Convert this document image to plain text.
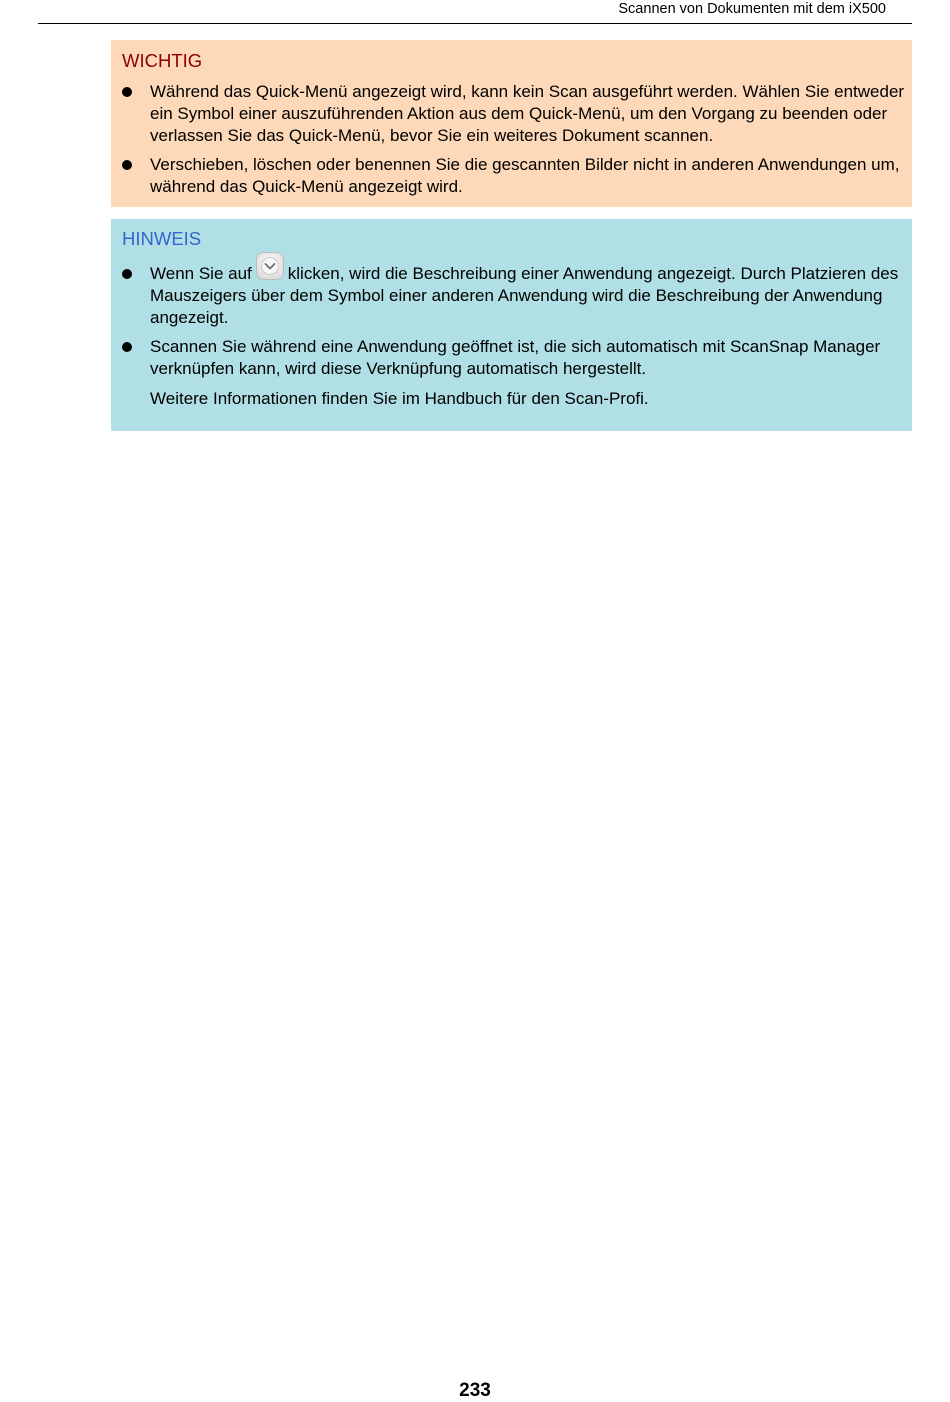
Scannen von Dokumenten mit dem iX500
WICHTIG
Während das Quick-Menü angezeigt wird, kann kein Scan ausgeführt werden. Wählen Sie entweder ein Symbol einer auszuführenden Aktion aus dem Quick-Menü, um den Vorgang zu beenden oder verlassen Sie das Quick-Menü, bevor Sie ein weiteres Dokument scannen.
Verschieben, löschen oder benennen Sie die gescannten Bilder nicht in anderen Anwendungen um, während das Quick-Menü angezeigt wird.
HINWEIS
Wenn Sie auf klicken, wird die Beschreibung einer Anwendung angezeigt. Durch Platzieren des Mauszeigers über dem Symbol einer anderen Anwendung wird die Beschreibung der Anwendung angezeigt.
Scannen Sie während eine Anwendung geöffnet ist, die sich automatisch mit ScanSnap Manager verknüpfen kann, wird diese Verknüpfung automatisch hergestellt.
Weitere Informationen finden Sie im Handbuch für den Scan-Profi.
233
